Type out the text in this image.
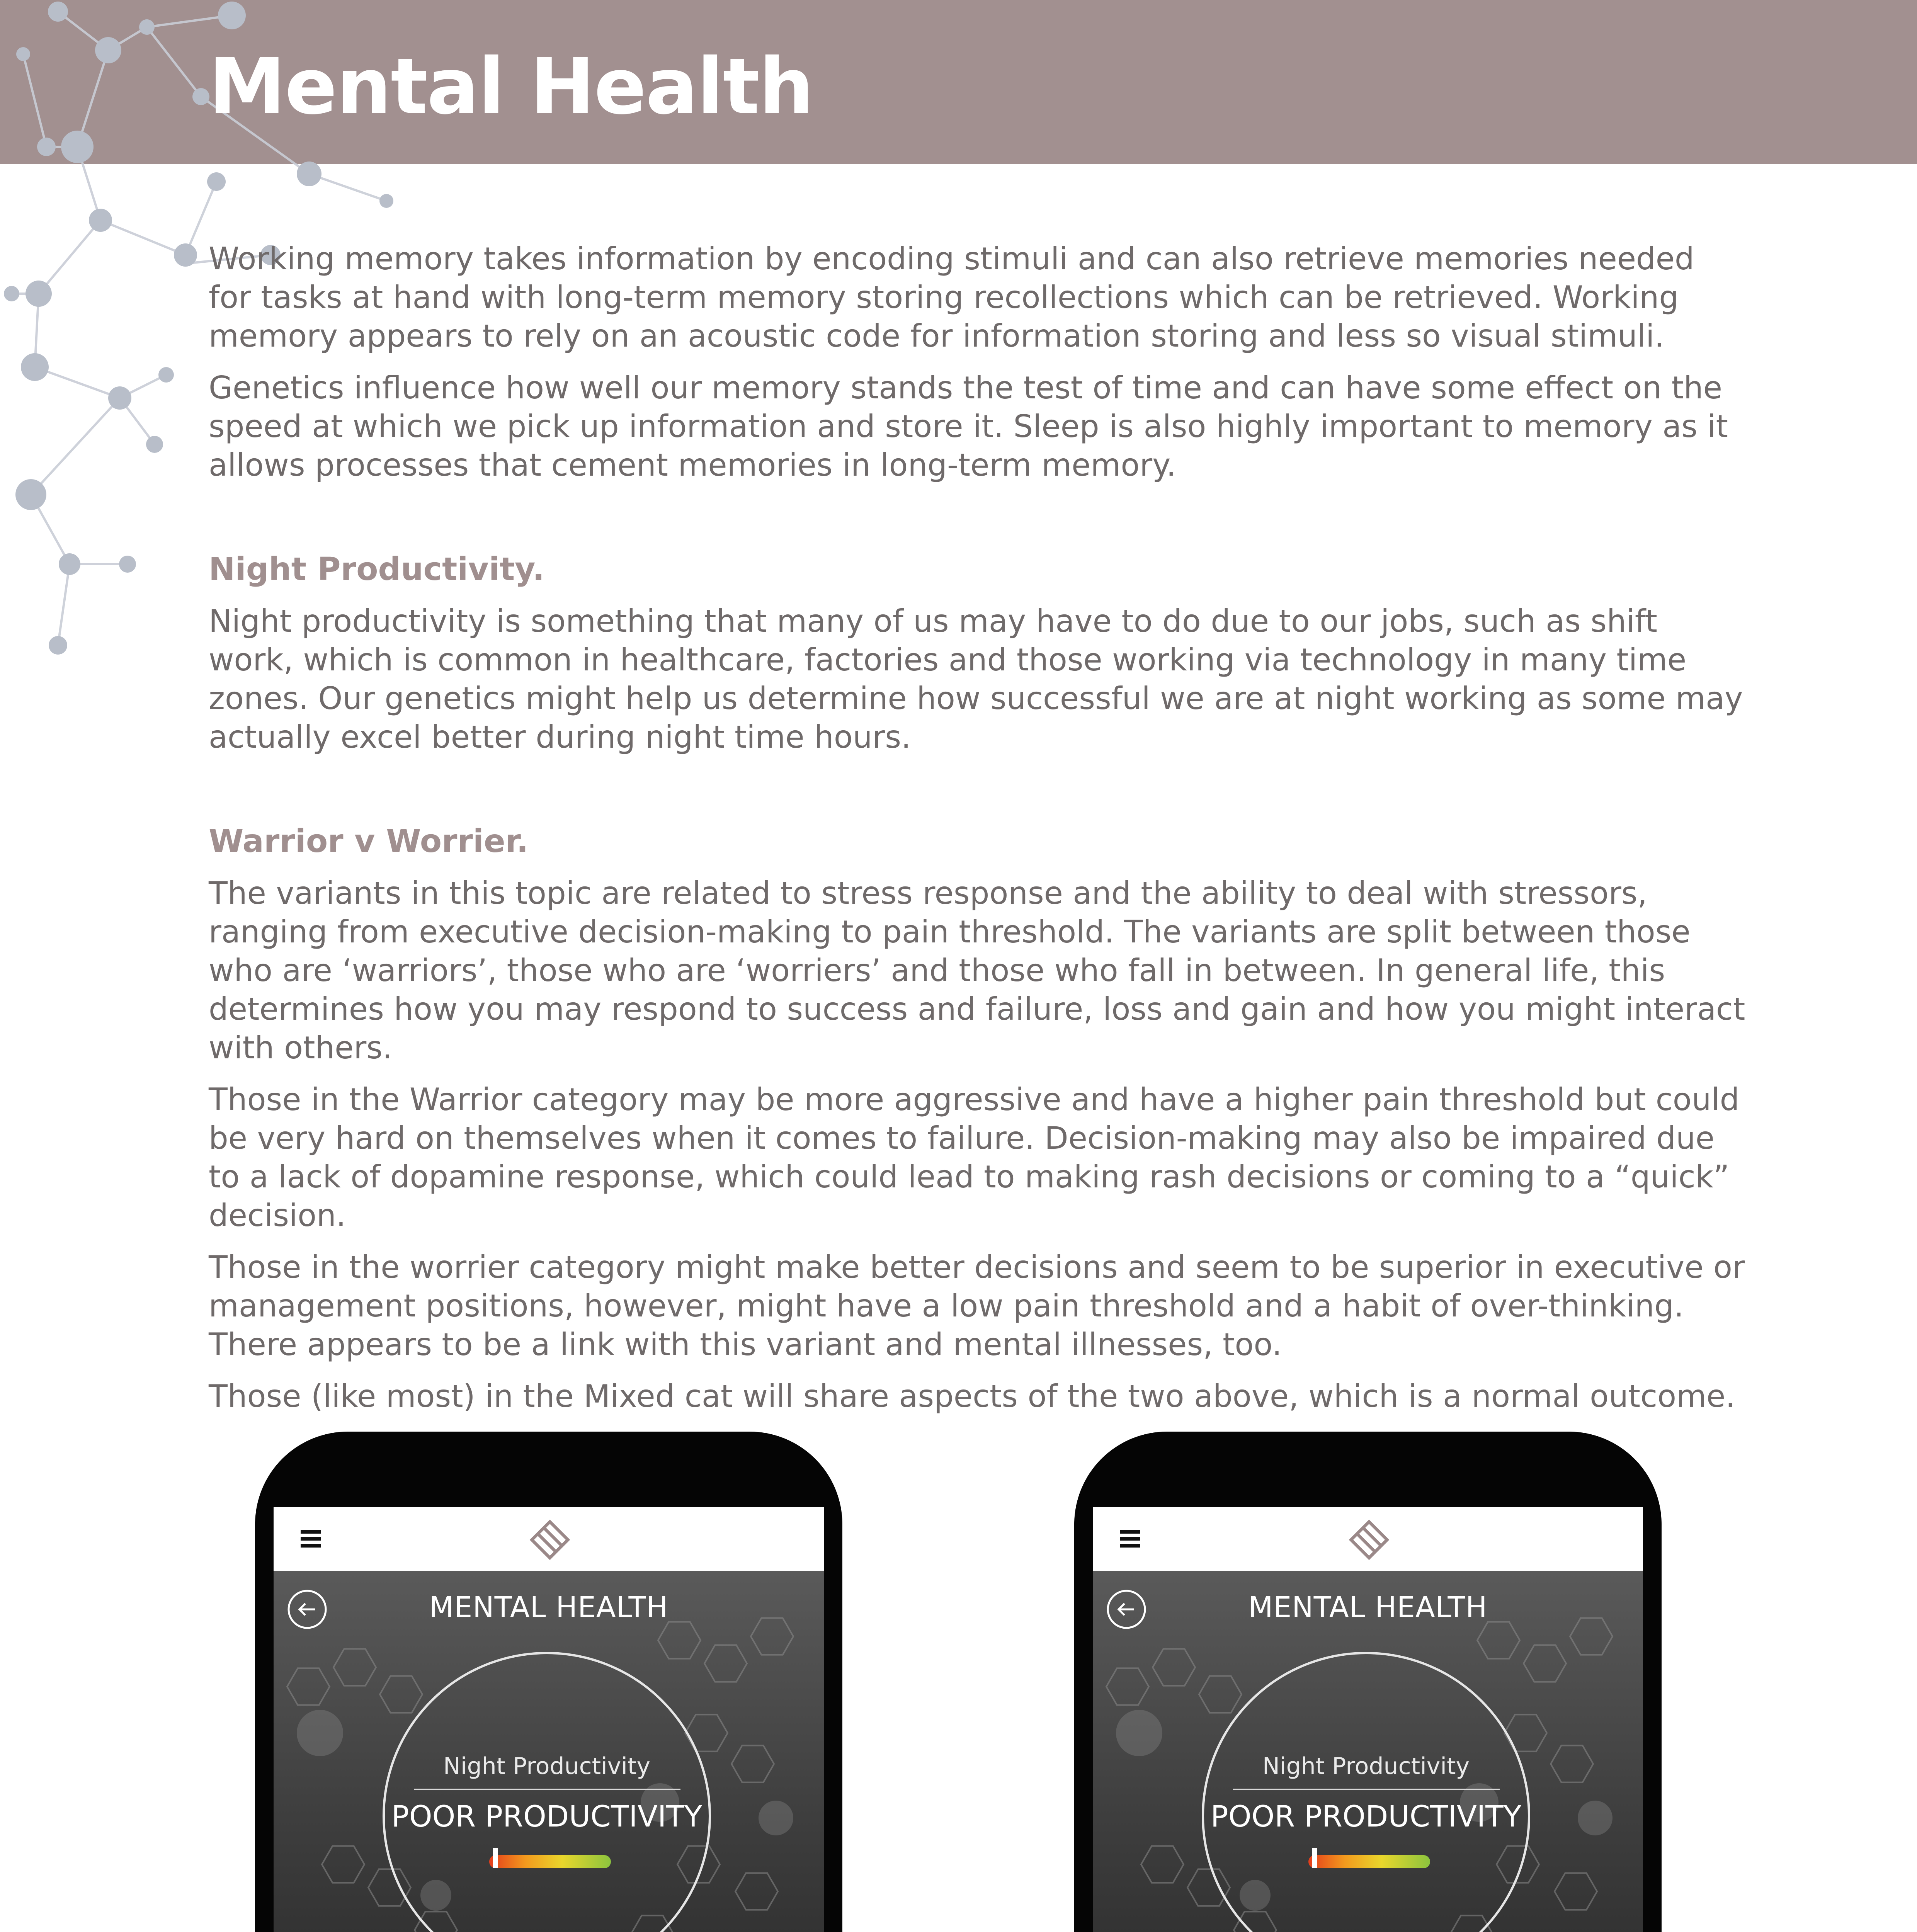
Mental Health

Working memory takes information by encoding stimuli and can also retrieve memories needed for tasks at hand with long-term memory storing recollections which can be retrieved. Working memory appears to rely on an acoustic code for information storing and less so visual stimuli.

Genetics influence how well our memory stands the test of time and can have some effect on the speed at which we pick up information and store it. Sleep is also highly important to memory as it allows processes that cement memories in long-term memory.

Night Productivity.

Night productivity is something that many of us may have to do due to our jobs, such as shift work, which is common in healthcare, factories and those working via technology in many time zones. Our genetics might help us determine how successful we are at night working as some may actually excel better during night time hours.

Warrior v Worrier.

The variants in this topic are related to stress response and the ability to deal with stressors, ranging from executive decision-making to pain threshold. The variants are split between those who are ‘warriors’, those who are ‘worriers’ and those who fall in between. In general life, this determines how you may respond to success and failure, loss and gain and how you might interact with others.

Those in the Warrior category may be more aggressive and have a higher pain threshold but could be very hard on themselves when it comes to failure. Decision-making may also be impaired due to a lack of dopamine response, which could lead to making rash decisions or coming to a “quick” decision.

Those in the worrier category might make better decisions and seem to be superior in executive or management positions, however, might have a low pain threshold and a habit of over-thinking. There appears to be a link with this variant and mental illnesses, too.

Those (like most) in the Mixed cat will share aspects of the two above, which is a normal outcome.

MENTAL HEALTH
Night Productivity
POOR PRODUCTIVITY
MENTAL HEALTH
Night Productivity
POOR PRODUCTIVITY
